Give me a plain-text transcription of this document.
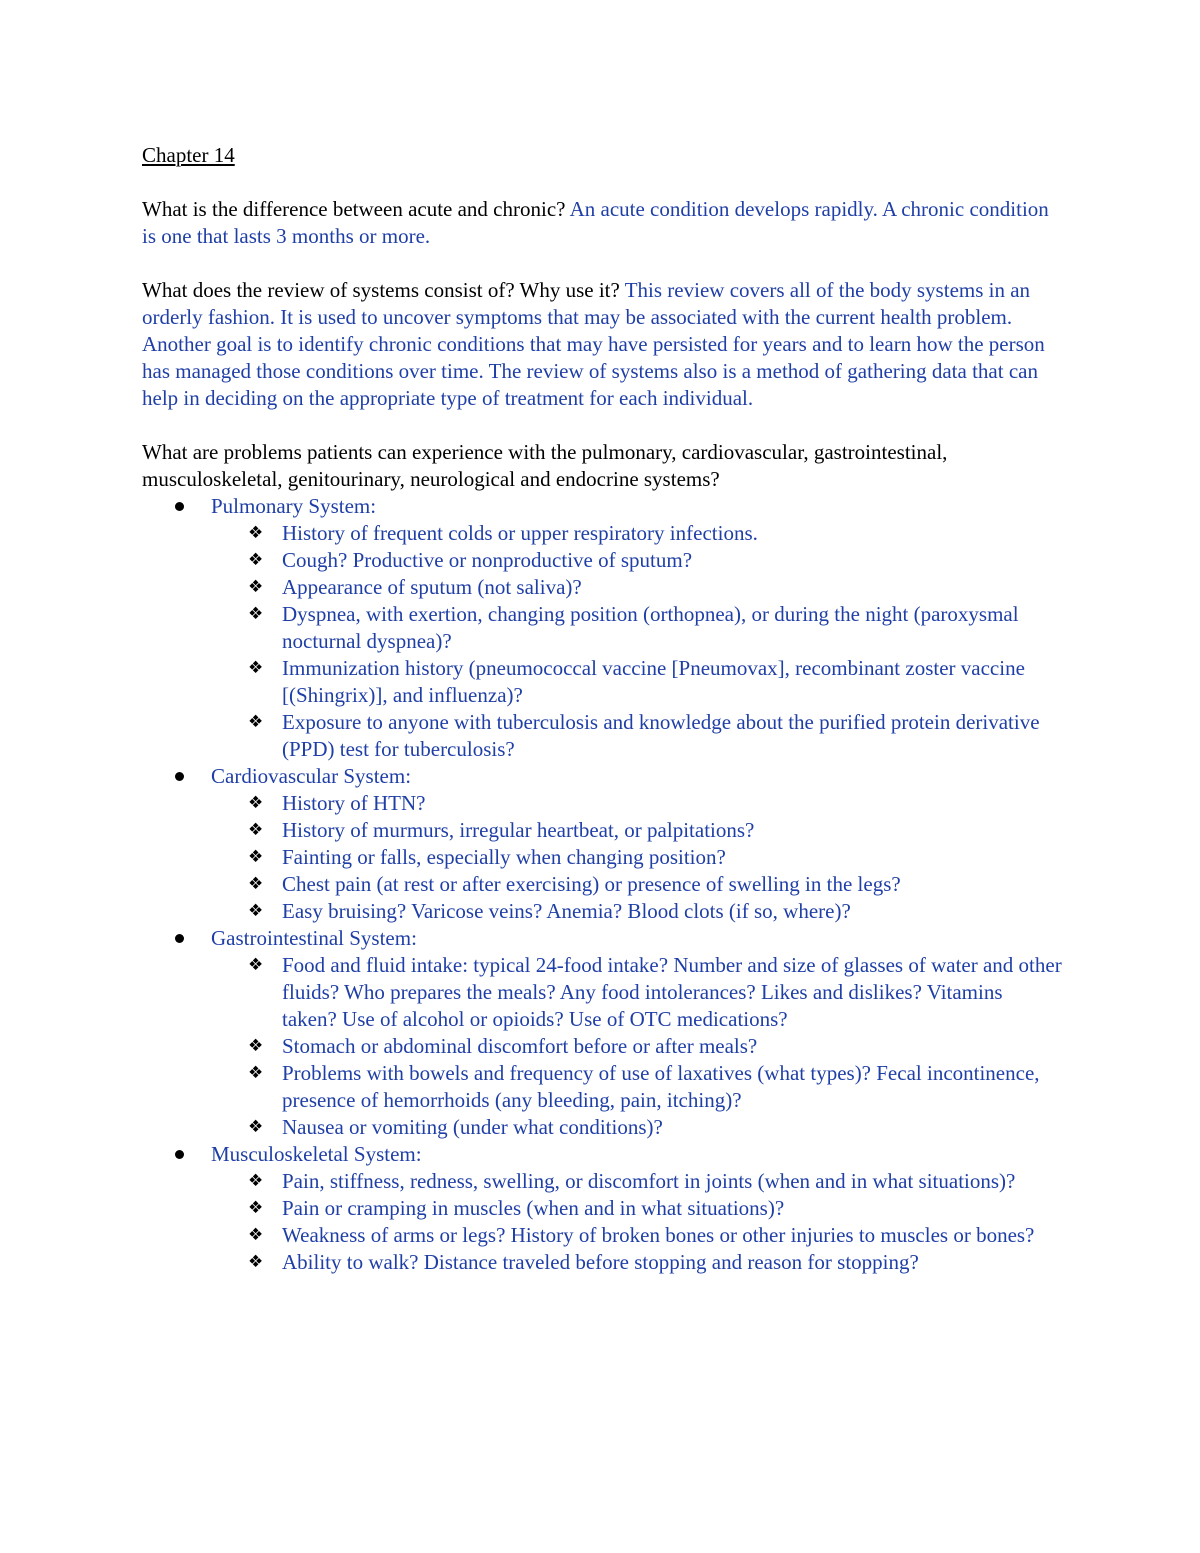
Chapter 14

What is the difference between acute and chronic? An acute condition develops rapidly. A chronic condition is one that lasts 3 months or more.

What does the review of systems consist of? Why use it? This review covers all of the body systems in an orderly fashion. It is used to uncover symptoms that may be associated with the current health problem. Another goal is to identify chronic conditions that may have persisted for years and to learn how the person has managed those conditions over time. The review of systems also is a method of gathering data that can help in deciding on the appropriate type of treatment for each individual.

What are problems patients can experience with the pulmonary, cardiovascular, gastrointestinal, musculoskeletal, genitourinary, neurological and endocrine systems?

Pulmonary System:
❖ History of frequent colds or upper respiratory infections.
❖ Cough? Productive or nonproductive of sputum?
❖ Appearance of sputum (not saliva)?
❖ Dyspnea, with exertion, changing position (orthopnea), or during the night (paroxysmal nocturnal dyspnea)?
❖ Immunization history (pneumococcal vaccine [Pneumovax], recombinant zoster vaccine [(Shingrix)], and influenza)?
❖ Exposure to anyone with tuberculosis and knowledge about the purified protein derivative (PPD) test for tuberculosis?
Cardiovascular System:
❖ History of HTN?
❖ History of murmurs, irregular heartbeat, or palpitations?
❖ Fainting or falls, especially when changing position?
❖ Chest pain (at rest or after exercising) or presence of swelling in the legs?
❖ Easy bruising? Varicose veins? Anemia? Blood clots (if so, where)?
Gastrointestinal System:
❖ Food and fluid intake: typical 24-food intake? Number and size of glasses of water and other fluids? Who prepares the meals? Any food intolerances? Likes and dislikes? Vitamins taken? Use of alcohol or opioids? Use of OTC medications?
❖ Stomach or abdominal discomfort before or after meals?
❖ Problems with bowels and frequency of use of laxatives (what types)? Fecal incontinence, presence of hemorrhoids (any bleeding, pain, itching)?
❖ Nausea or vomiting (under what conditions)?
Musculoskeletal System:
❖ Pain, stiffness, redness, swelling, or discomfort in joints (when and in what situations)?
❖ Pain or cramping in muscles (when and in what situations)?
❖ Weakness of arms or legs? History of broken bones or other injuries to muscles or bones?
❖ Ability to walk? Distance traveled before stopping and reason for stopping?
